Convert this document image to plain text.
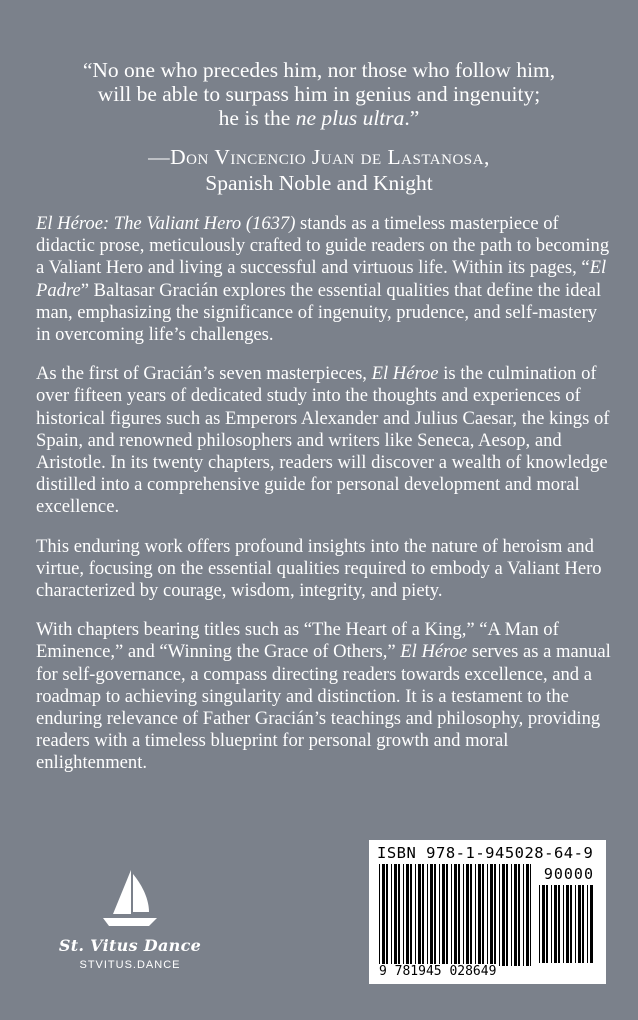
“No one who precedes him, nor those who follow him,

will be able to surpass him in genius and ingenuity;

he is the ne plus ultra.”

—Don Vincencio Juan de Lastanosa,

Spanish Noble and Knight

El Héroe: The Valiant Hero (1637) stands as a timeless masterpiece of didactic prose, meticulously crafted to guide readers on the path to becoming a Valiant Hero and living a successful and virtuous life. Within its pages, “El Padre” Baltasar Gracián explores the essential qualities that define the ideal man, emphasizing the significance of ingenuity, prudence, and self-mastery in overcoming life’s challenges.

As the first of Gracián’s seven masterpieces, El Héroe is the culmination of over fifteen years of dedicated study into the thoughts and experiences of historical figures such as Emperors Alexander and Julius Caesar, the kings of Spain, and renowned philosophers and writers like Seneca, Aesop, and Aristotle. In its twenty chapters, readers will discover a wealth of knowledge distilled into a comprehensive guide for personal development and moral excellence.

This enduring work offers profound insights into the nature of heroism and virtue, focusing on the essential qualities required to embody a Valiant Hero characterized by courage, wisdom, integrity, and piety.

With chapters bearing titles such as “The Heart of a King,” “A Man of Eminence,” and “Winning the Grace of Others,” El Héroe serves as a manual for self-governance, a compass directing readers towards excellence, and a roadmap to achieving singularity and distinction. It is a testament to the enduring relevance of Father Gracián’s teachings and philosophy, providing readers with a timeless blueprint for personal growth and moral enlightenment.

St. Vitus Dance
STVITUS.DANCE
ISBN 978-1-945028-64-9
90000
9 781945 028649
